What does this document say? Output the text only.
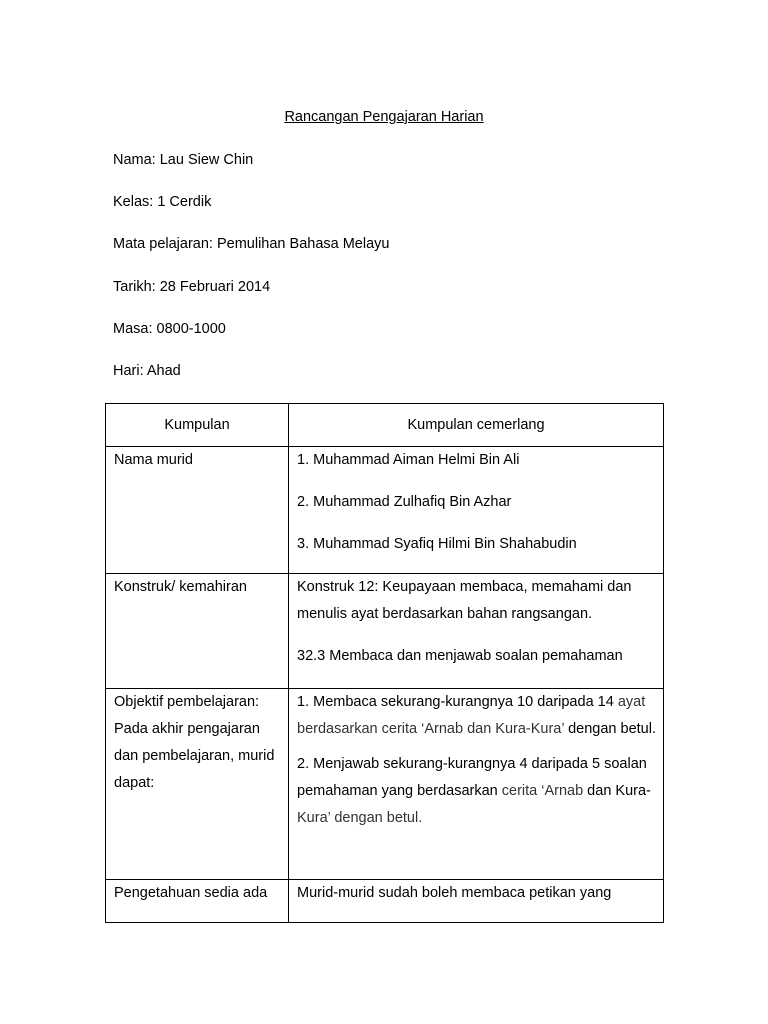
Rancangan Pengajaran Harian
Nama: Lau Siew Chin
Kelas: 1 Cerdik
Mata pelajaran: Pemulihan Bahasa Melayu
Tarikh: 28 Februari 2014
Masa: 0800-1000
Hari: Ahad
Kumpulan	Kumpulan cemerlang
Nama murid	1. Muhammad Aiman Helmi Bin Ali

2. Muhammad Zulhafiq Bin Azhar

3. Muhammad Syafiq Hilmi Bin Shahabudin

Konstruk/ kemahiran	Konstruk 12: Keupayaan membaca, memahami dan menulis ayat berdasarkan bahan rangsangan.

32.3 Membaca dan menjawab soalan pemahaman

Objektif pembelajaran: Pada akhir pengajaran dan pembelajaran, murid dapat:	1. Membaca sekurang-kurangnya 10 daripada 14 ayat berdasarkan cerita ‘Arnab dan Kura-Kura’ dengan betul.

2. Menjawab sekurang-kurangnya 4 daripada 5 soalan pemahaman yang berdasarkan cerita ‘Arnab dan Kura-Kura’ dengan betul.

Pengetahuan sedia ada	Murid-murid sudah boleh membaca petikan yang
